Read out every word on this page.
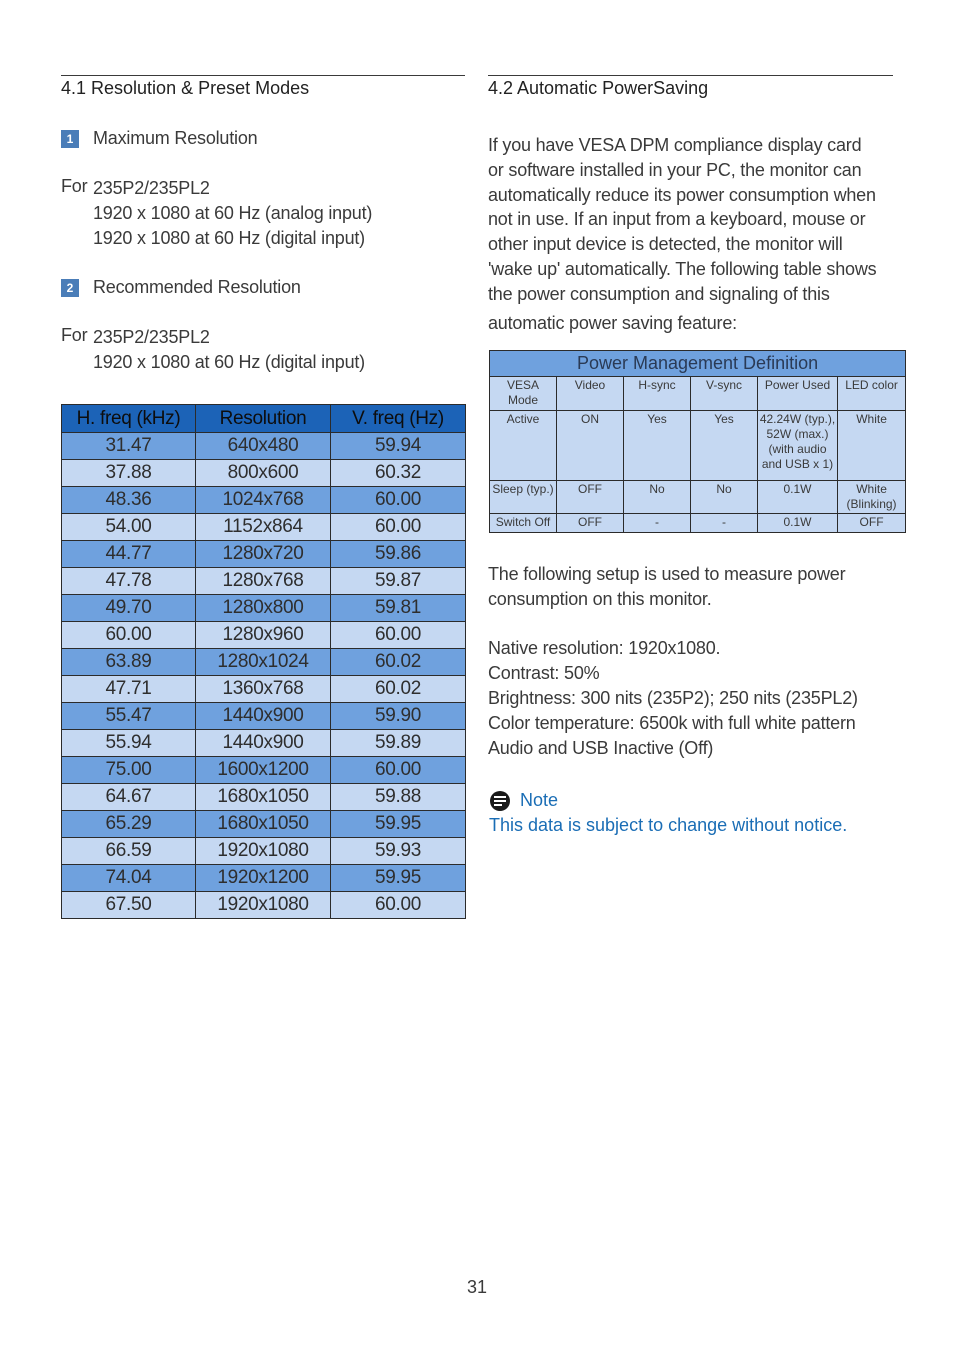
4.1 Resolution & Preset Modes
1	Maximum Resolution
For 235P2/235PL2
1920 x 1080 at 60 Hz (analog input)
1920 x 1080 at 60 Hz (digital input)
2	Recommended Resolution
For 235P2/235PL2
1920 x 1080 at 60 Hz (digital input)
H. freq (kHz)	Resolution	V. freq (Hz)
31.47	640x480	59.94
37.88	800x600	60.32
48.36	1024x768	60.00
54.00	1152x864	60.00
44.77	1280x720	59.86
47.78	1280x768	59.87
49.70	1280x800	59.81
60.00	1280x960	60.00
63.89	1280x1024	60.02
47.71	1360x768	60.02
55.47	1440x900	59.90
55.94	1440x900	59.89
75.00	1600x1200	60.00
64.67	1680x1050	59.88
65.29	1680x1050	59.95
66.59	1920x1080	59.93
74.04	1920x1200	59.95
67.50	1920x1080	60.00
4.2 Automatic PowerSaving
If you have VESA DPM compliance display card
or software installed in your PC, the monitor can
automatically reduce its power consumption when
not in use. If an input from a keyboard, mouse or
other input device is detected, the monitor will
'wake up' automatically. The following table shows
the power consumption and signaling of this
automatic power saving feature:
Power Management Definition					
VESA Mode	Video	H-sync	V-sync	Power Used	LED color
Active	ON	Yes	Yes	42.24W (typ.), 52W (max.) (with audio and USB x 1)	White
Sleep (typ.)	OFF	No	No	0.1W	White (Blinking)
Switch Off	OFF	-	-	0.1W	OFF
The following setup is used to measure power
consumption on this monitor.
Native resolution: 1920x1080.
Contrast: 50%
Brightness: 300 nits (235P2); 250 nits (235PL2)
Color temperature: 6500k with full white pattern
Audio and USB Inactive (Off)
Note
This data is subject to change without notice.
31
